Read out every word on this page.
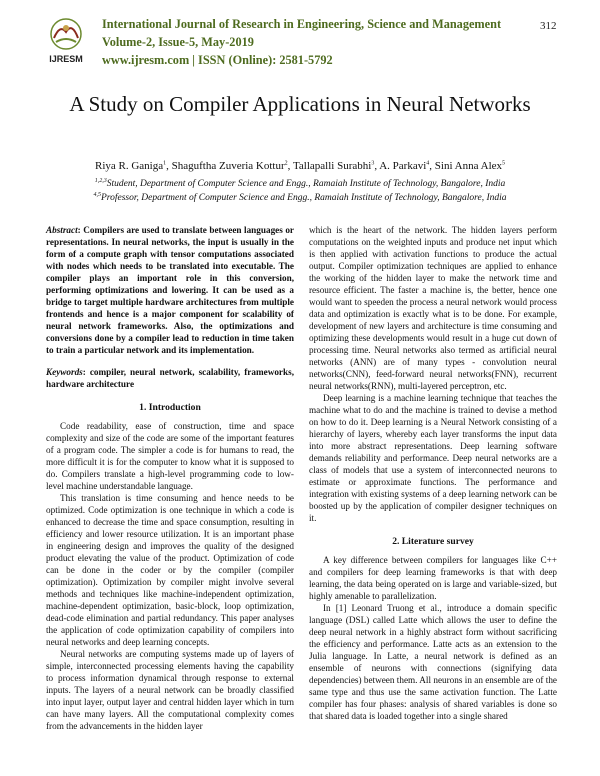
IJRESM
International Journal of Research in Engineering, Science and Management
Volume-2, Issue-5, May-2019
www.ijresm.com | ISSN (Online): 2581-5792
312
A Study on Compiler Applications in Neural Networks
Riya R. Ganiga$^1$, Shaguftha Zuveria Kottur$^2$, Tallapalli Surabhi$^3$, A. Parkavi$^4$, Sini Anna Alex$^5$
$^{1,2,3}$Student, Department of Computer Science and Engg., Ramaiah Institute of Technology, Bangalore, India
$^{4,5}$Professor, Department of Computer Science and Engg., Ramaiah Institute of Technology, Bangalore, India

Abstract: Compilers are used to translate between languages or representations. In neural networks, the input is usually in the form of a compute graph with tensor computations associated with nodes which needs to be translated into executable. The compiler plays an important role in this conversion, performing optimizations and lowering. It can be used as a bridge to target multiple hardware architectures from multiple frontends and hence is a major component for scalability of neural network frameworks. Also, the optimizations and conversions done by a compiler lead to reduction in time taken to train a particular network and its implementation.

Keywords: compiler, neural network, scalability, frameworks, hardware architecture

1. Introduction

Code readability, ease of construction, time and space complexity and size of the code are some of the important features of a program code. The simpler a code is for humans to read, the more difficult it is for the computer to know what it is supposed to do. Compilers translate a high-level programming code to low-level machine understandable language.

This translation is time consuming and hence needs to be optimized. Code optimization is one technique in which a code is enhanced to decrease the time and space consumption, resulting in efficiency and lower resource utilization. It is an important phase in engineering design and improves the quality of the designed product elevating the value of the product. Optimization of code can be done in the coder or by the compiler (compiler optimization). Optimization by compiler might involve several methods and techniques like machine-independent optimization, machine-dependent optimization, basic-block, loop optimization, dead-code elimination and partial redundancy. This paper analyses the application of code optimization capability of compilers into neural networks and deep learning concepts.

Neural networks are computing systems made up of layers of simple, interconnected processing elements having the capability to process information dynamical through response to external inputs. The layers of a neural network can be broadly classified into input layer, output layer and central hidden layer which in turn can have many layers. All the computational complexity comes from the advancements in the hidden layer

which is the heart of the network. The hidden layers perform computations on the weighted inputs and produce net input which is then applied with activation functions to produce the actual output. Compiler optimization techniques are applied to enhance the working of the hidden layer to make the network time and resource efficient. The faster a machine is, the better, hence one would want to speeden the process a neural network would process data and optimization is exactly what is to be done. For example, development of new layers and architecture is time consuming and optimizing these developments would result in a huge cut down of processing time. Neural networks also termed as artificial neural networks (ANN) are of many types - convolution neural networks(CNN), feed-forward neural networks(FNN), recurrent neural networks(RNN), multi-layered perceptron, etc.

Deep learning is a machine learning technique that teaches the machine what to do and the machine is trained to devise a method on how to do it. Deep learning is a Neural Network consisting of a hierarchy of layers, whereby each layer transforms the input data into more abstract representations. Deep learning software demands reliability and performance. Deep neural networks are a class of models that use a system of interconnected neurons to estimate or approximate functions. The performance and integration with existing systems of a deep learning network can be boosted up by the application of compiler designer techniques on it.

2. Literature survey

A key difference between compilers for languages like C++ and compilers for deep learning frameworks is that with deep learning, the data being operated on is large and variable-sized, but highly amenable to parallelization.

In [1] Leonard Truong et al., introduce a domain specific language (DSL) called Latte which allows the user to define the deep neural network in a highly abstract form without sacrificing the efficiency and performance. Latte acts as an extension to the Julia language. In Latte, a neural network is defined as an ensemble of neurons with connections (signifying data dependencies) between them. All neurons in an ensemble are of the same type and thus use the same activation function. The Latte compiler has four phases: analysis of shared variables is done so that shared data is loaded together into a single shared
